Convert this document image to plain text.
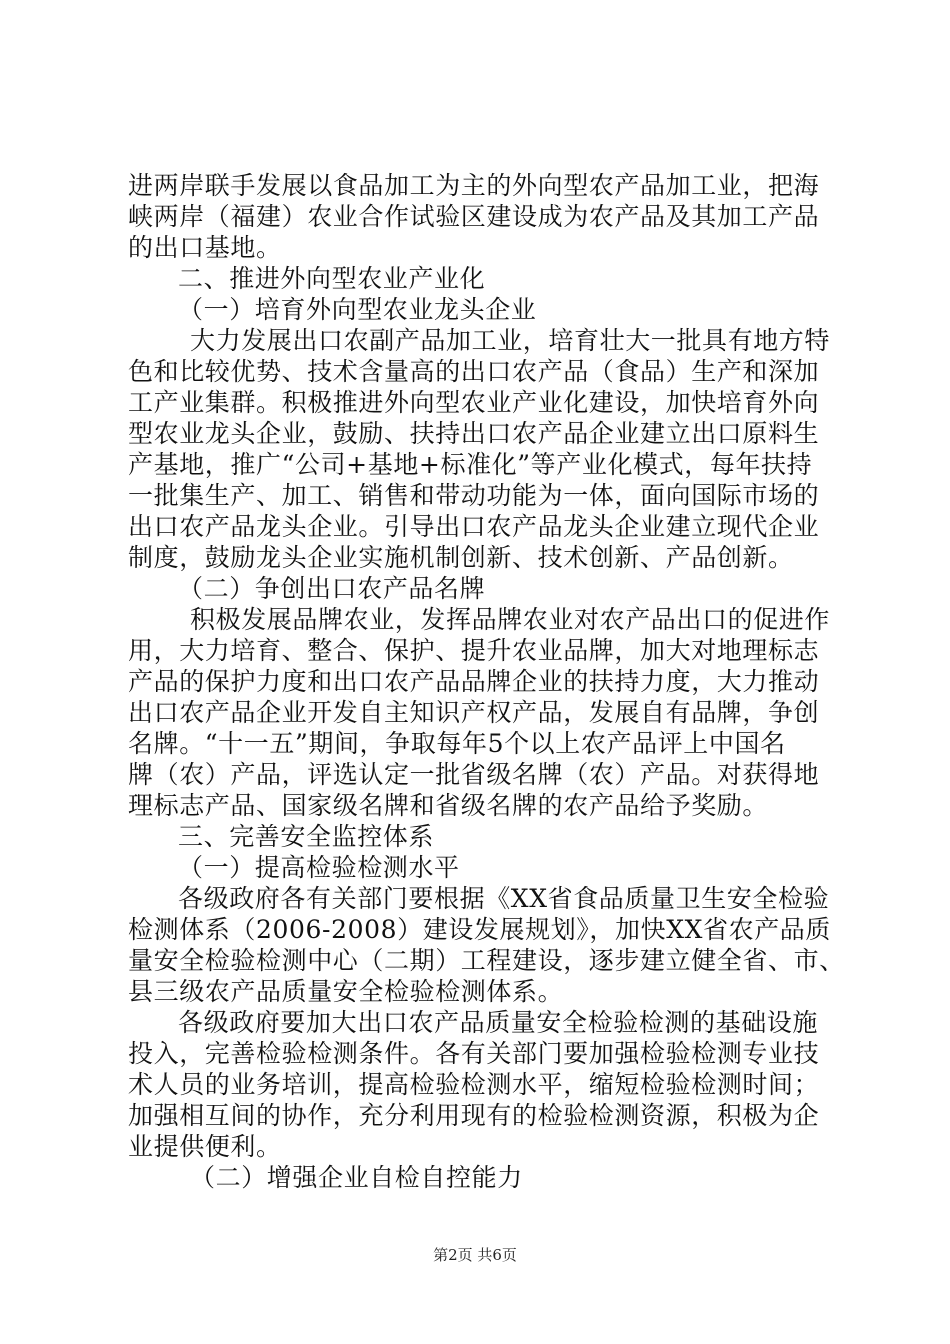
进两岸联手发展以食品加工为主的外向型农产品加工业，把海
峡两岸（福建）农业合作试验区建设成为农产品及其加工产品
的出口基地。
二、推进外向型农业产业化
（一）培育外向型农业龙头企业
大力发展出口农副产品加工业，培育壮大一批具有地方特
色和比较优势、技术含量高的出口农产品（食品）生产和深加
工产业集群。积极推进外向型农业产业化建设，加快培育外向
型农业龙头企业，鼓励、扶持出口农产品企业建立出口原料生
产基地，推广“公司+基地+标准化”等产业化模式，每年扶持
一批集生产、加工、销售和带动功能为一体，面向国际市场的
出口农产品龙头企业。引导出口农产品龙头企业建立现代企业
制度，鼓励龙头企业实施机制创新、技术创新、产品创新。
（二）争创出口农产品名牌
积极发展品牌农业，发挥品牌农业对农产品出口的促进作
用，大力培育、整合、保护、提升农业品牌，加大对地理标志
产品的保护力度和出口农产品品牌企业的扶持力度，大力推动
出口农产品企业开发自主知识产权产品，发展自有品牌，争创
名牌。“十一五”期间，争取每年5个以上农产品评上中国名
牌（农）产品，评选认定一批省级名牌（农）产品。对获得地
理标志产品、国家级名牌和省级名牌的农产品给予奖励。
三、完善安全监控体系
（一）提高检验检测水平
各级政府各有关部门要根据《XX省食品质量卫生安全检验
检测体系（2006-2008）建设发展规划》，加快XX省农产品质
量安全检验检测中心（二期）工程建设，逐步建立健全省、市、
县三级农产品质量安全检验检测体系。
各级政府要加大出口农产品质量安全检验检测的基础设施
投入，完善检验检测条件。各有关部门要加强检验检测专业技
术人员的业务培训，提高检验检测水平，缩短检验检测时间；
加强相互间的协作，充分利用现有的检验检测资源，积极为企
业提供便利。
（二）增强企业自检自控能力
第2页 共6页
